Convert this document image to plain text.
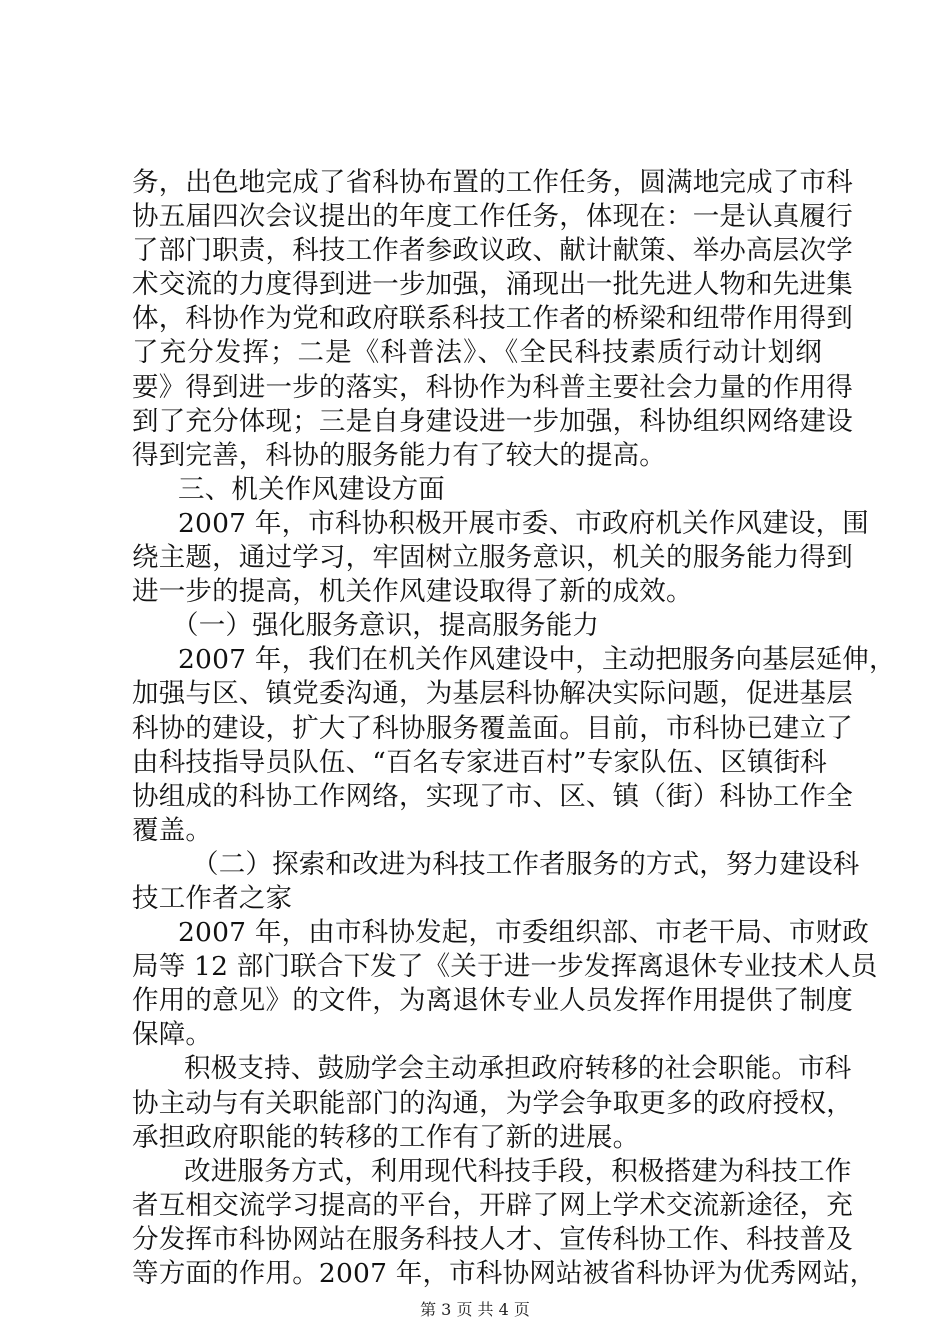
务，出色地完成了省科协布置的工作任务，圆满地完成了市科
协五届四次会议提出的年度工作任务，体现在：一是认真履行
了部门职责，科技工作者参政议政、献计献策、举办高层次学
术交流的力度得到进一步加强，涌现出一批先进人物和先进集
体，科协作为党和政府联系科技工作者的桥梁和纽带作用得到
了充分发挥；二是《科普法》、《全民科技素质行动计划纲
要》得到进一步的落实，科协作为科普主要社会力量的作用得
到了充分体现；三是自身建设进一步加强，科协组织网络建设
得到完善，科协的服务能力有了较大的提高。
三、机关作风建设方面
2007 年，市科协积极开展市委、市政府机关作风建设，围
绕主题，通过学习，牢固树立服务意识，机关的服务能力得到
进一步的提高，机关作风建设取得了新的成效。
（一）强化服务意识，提高服务能力
2007 年，我们在机关作风建设中，主动把服务向基层延伸，
加强与区、镇党委沟通，为基层科协解决实际问题，促进基层
科协的建设，扩大了科协服务覆盖面。目前，市科协已建立了
由科技指导员队伍、“百名专家进百村”专家队伍、区镇街科
协组成的科协工作网络，实现了市、区、镇（街）科协工作全
覆盖。
（二）探索和改进为科技工作者服务的方式，努力建设科
技工作者之家
2007 年，由市科协发起，市委组织部、市老干局、市财政
局等 12 部门联合下发了《关于进一步发挥离退休专业技术人员
作用的意见》的文件，为离退休专业人员发挥作用提供了制度
保障。
积极支持、鼓励学会主动承担政府转移的社会职能。市科
协主动与有关职能部门的沟通，为学会争取更多的政府授权，
承担政府职能的转移的工作有了新的进展。
改进服务方式，利用现代科技手段，积极搭建为科技工作
者互相交流学习提高的平台，开辟了网上学术交流新途径，充
分发挥市科协网站在服务科技人才、宣传科协工作、科技普及
等方面的作用。2007 年，市科协网站被省科协评为优秀网站，
第 3 页 共 4 页
